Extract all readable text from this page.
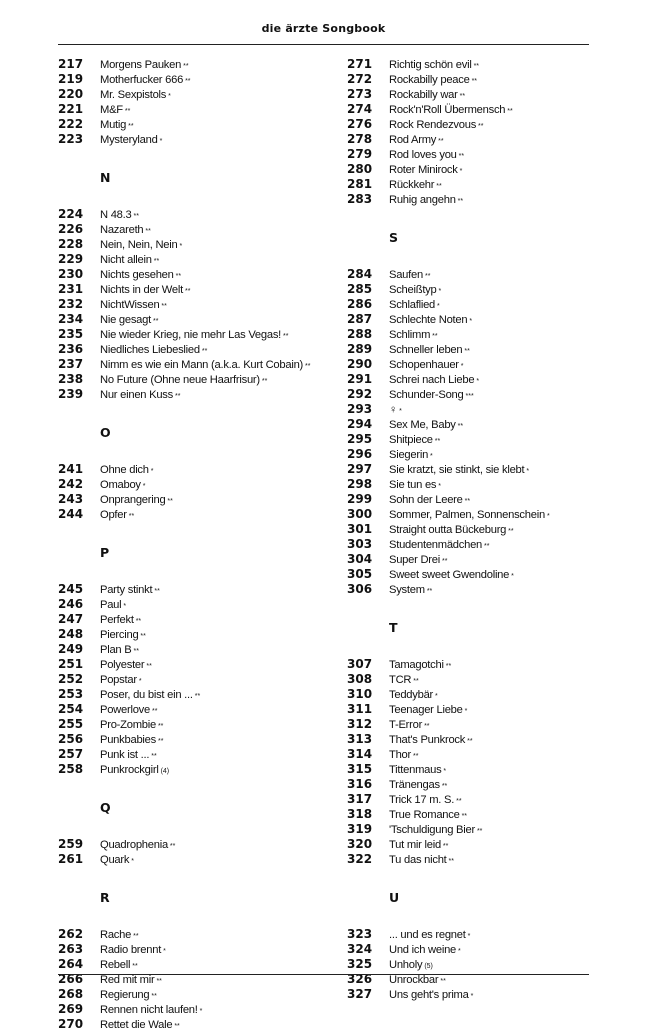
die ärzte Songbook
217	Morgens Pauken **
219	Motherfucker 666 **
220	Mr. Sexpistols *
221	M&F **
222	Mutig **
223	Mysteryland *
N
224	N 48.3 **
226	Nazareth **
228	Nein, Nein, Nein *
229	Nicht allein **
230	Nichts gesehen **
231	Nichts in der Welt **
232	NichtWissen **
234	Nie gesagt **
235	Nie wieder Krieg, nie mehr Las Vegas! **
236	Niedliches Liebeslied **
237	Nimm es wie ein Mann (a.k.a. Kurt Cobain) **
238	No Future (Ohne neue Haarfrisur) **
239	Nur einen Kuss **
O
241	Ohne dich *
242	Omaboy *
243	Onprangering **
244	Opfer **
P
245	Party stinkt **
246	Paul *
247	Perfekt **
248	Piercing **
249	Plan B **
251	Polyester **
252	Popstar *
253	Poser, du bist ein ... **
254	Powerlove **
255	Pro-Zombie **
256	Punkbabies **
257	Punk ist ... **
258	Punkrockgirl (4)
Q
259	Quadrophenia **
261	Quark *
R
262	Rache **
263	Radio brennt *
264	Rebell **
266	Red mit mir **
268	Regierung **
269	Rennen nicht laufen! *
270	Rettet die Wale **
271	Richtig schön evil **
272	Rockabilly peace **
273	Rockabilly war **
274	Rock'n'Roll Übermensch **
276	Rock Rendezvous **
278	Rod Army **
279	Rod loves you **
280	Roter Minirock *
281	Rückkehr **
283	Ruhig angehn **
S
284	Saufen **
285	Scheißtyp *
286	Schlaflied *
287	Schlechte Noten *
288	Schlimm **
289	Schneller leben **
290	Schopenhauer *
291	Schrei nach Liebe *
292	Schunder-Song ***
293	♀ *
294	Sex Me, Baby **
295	Shitpiece **
296	Siegerin *
297	Sie kratzt, sie stinkt, sie klebt *
298	Sie tun es *
299	Sohn der Leere **
300	Sommer, Palmen, Sonnenschein *
301	Straight outta Bückeburg **
303	Studentenmädchen **
304	Super Drei **
305	Sweet sweet Gwendoline *
306	System **
T
307	Tamagotchi **
308	TCR **
310	Teddybär *
311	Teenager Liebe *
312	T-Error **
313	That's Punkrock **
314	Thor **
315	Tittenmaus *
316	Tränengas **
317	Trick 17 m. S. **
318	True Romance **
319	'Tschuldigung Bier **
320	Tut mir leid **
322	Tu das nicht **
U
323	... und es regnet *
324	Und ich weine *
325	Unholy (5)
326	Unrockbar **
327	Uns geht's prima *
